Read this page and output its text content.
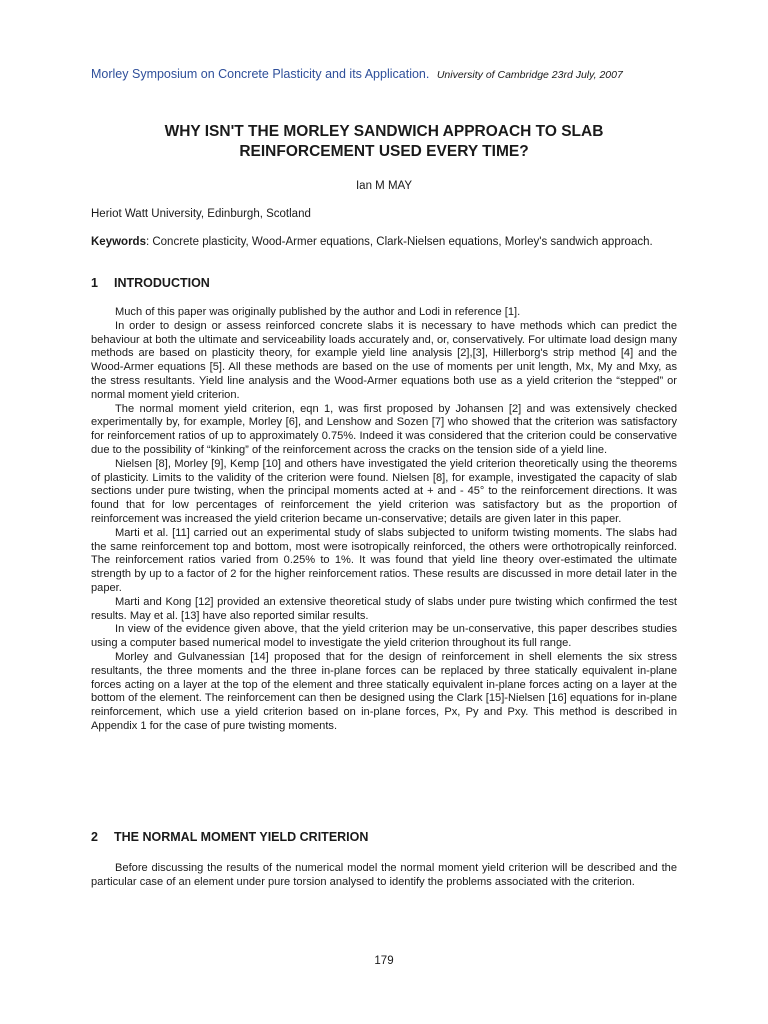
Morley Symposium on Concrete Plasticity and its Application. University of Cambridge 23rd July, 2007
WHY ISN'T THE MORLEY SANDWICH APPROACH TO SLAB
REINFORCEMENT USED EVERY TIME?
Ian M MAY
Heriot Watt University, Edinburgh, Scotland
Keywords: Concrete plasticity, Wood-Armer equations, Clark-Nielsen equations, Morley's sandwich approach.
1 INTRODUCTION

Much of this paper was originally published by the author and Lodi in reference [1].

In order to design or assess reinforced concrete slabs it is necessary to have methods which can predict the behaviour at both the ultimate and serviceability loads accurately and, or, conservatively. For ultimate load design many methods are based on plasticity theory, for example yield line analysis [2],[3], Hillerborg's strip method [4] and the Wood-Armer equations [5]. All these methods are based on the use of moments per unit length, Mx, My and Mxy, as the stress resultants. Yield line analysis and the Wood-Armer equations both use as a yield criterion the “stepped” or normal moment yield criterion.

The normal moment yield criterion, eqn 1, was first proposed by Johansen [2] and was extensively checked experimentally by, for example, Morley [6], and Lenshow and Sozen [7] who showed that the criterion was satisfactory for reinforcement ratios of up to approximately 0.75%. Indeed it was considered that the criterion could be conservative due to the possibility of “kinking” of the reinforcement across the cracks on the tension side of a yield line.

Nielsen [8], Morley [9], Kemp [10] and others have investigated the yield criterion theoretically using the theorems of plasticity. Limits to the validity of the criterion were found. Nielsen [8], for example, investigated the capacity of slab sections under pure twisting, when the principal moments acted at + and - 45° to the reinforcement directions. It was found that for low percentages of reinforcement the yield criterion was satisfactory but as the proportion of reinforcement was increased the yield criterion became un-conservative; details are given later in this paper.

Marti et al. [11] carried out an experimental study of slabs subjected to uniform twisting moments. The slabs had the same reinforcement top and bottom, most were isotropically reinforced, the others were orthotropically reinforced. The reinforcement ratios varied from 0.25% to 1%. It was found that yield line theory over-estimated the ultimate strength by up to a factor of 2 for the higher reinforcement ratios. These results are discussed in more detail later in the paper.

Marti and Kong [12] provided an extensive theoretical study of slabs under pure twisting which confirmed the test results. May et al. [13] have also reported similar results.

In view of the evidence given above, that the yield criterion may be un-conservative, this paper describes studies using a computer based numerical model to investigate the yield criterion throughout its full range.

Morley and Gulvanessian [14] proposed that for the design of reinforcement in shell elements the six stress resultants, the three moments and the three in-plane forces can be replaced by three statically equivalent in-plane forces acting on a layer at the top of the element and three statically equivalent in-plane forces acting on a layer at the bottom of the element. The reinforcement can then be designed using the Clark [15]-Nielsen [16] equations for in-plane reinforcement, which use a yield criterion based on in-plane forces, Px, Py and Pxy. This method is described in Appendix 1 for the case of pure twisting moments.

2 THE NORMAL MOMENT YIELD CRITERION

Before discussing the results of the numerical model the normal moment yield criterion will be described and the particular case of an element under pure torsion analysed to identify the problems associated with the criterion.

179
